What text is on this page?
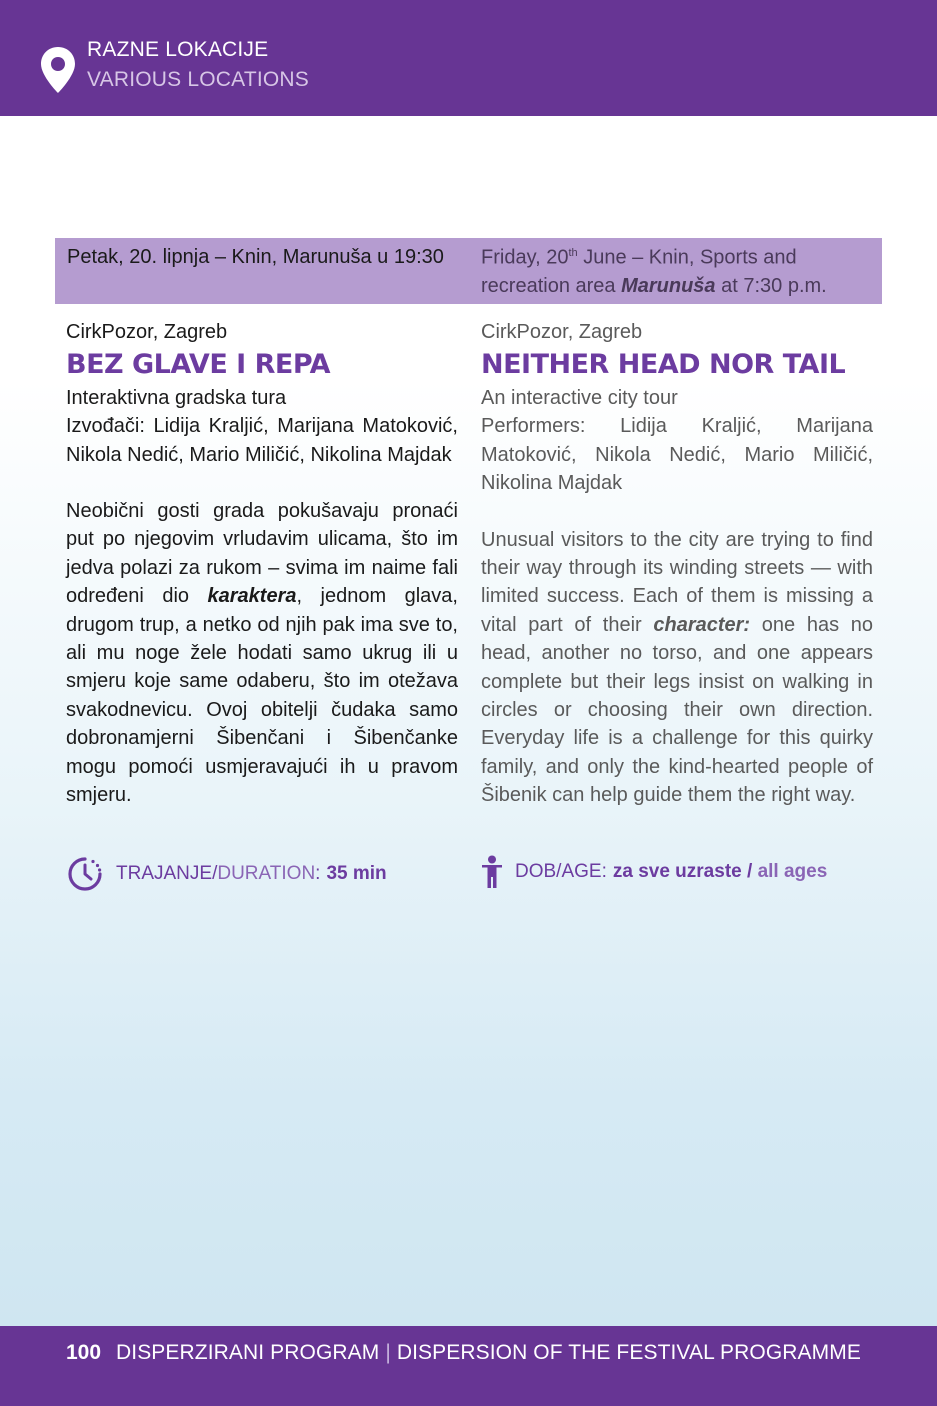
RAZNE LOKACIJE
VARIOUS LOCATIONS
Petak, 20. lipnja – Knin, Marunuša u 19:30 Friday, 20th June – Knin, Sports and recreation area Marunuša at 7:30 p.m.
CirkPozor, Zagreb
BEZ GLAVE I REPA
Interaktivna gradska tura
Izvođači: Lidija Kraljić, Marijana Matoković, Nikola Nedić, Mario Miličić, Nikolina Majdak
Neobični gosti grada pokušavaju pronaći put po njegovim vrludavim ulicama, što im jedva polazi za rukom – svima im naime fali određeni dio karaktera, jednom glava, drugom trup, a netko od njih pak ima sve to, ali mu noge žele hodati samo ukrug ili u smjeru koje same odaberu, što im otežava svakodnevicu. Ovoj obitelji čudaka samo dobronamjerni Šibenčani i Šibenčanke mogu pomoći usmjeravajući ih u pravom smjeru.
CirkPozor, Zagreb
NEITHER HEAD NOR TAIL
An interactive city tour
Performers: Lidija Kraljić, Marijana Matoković, Nikola Nedić, Mario Miličić, Nikolina Majdak
Unusual visitors to the city are trying to find their way through its winding streets — with limited success. Each of them is missing a vital part of their character: one has no head, another no torso, and one appears complete but their legs insist on walking in circles or choosing their own direction. Everyday life is a challenge for this quirky family, and only the kind-hearted people of Šibenik can help guide them the right way.
TRAJANJE / DURATION : 35 min	DOB/AGE : za sve uzraste / all ages
100 DISPERZIRANI PROGRAM | DISPERSION OF THE FESTIVAL PROGRAMME
